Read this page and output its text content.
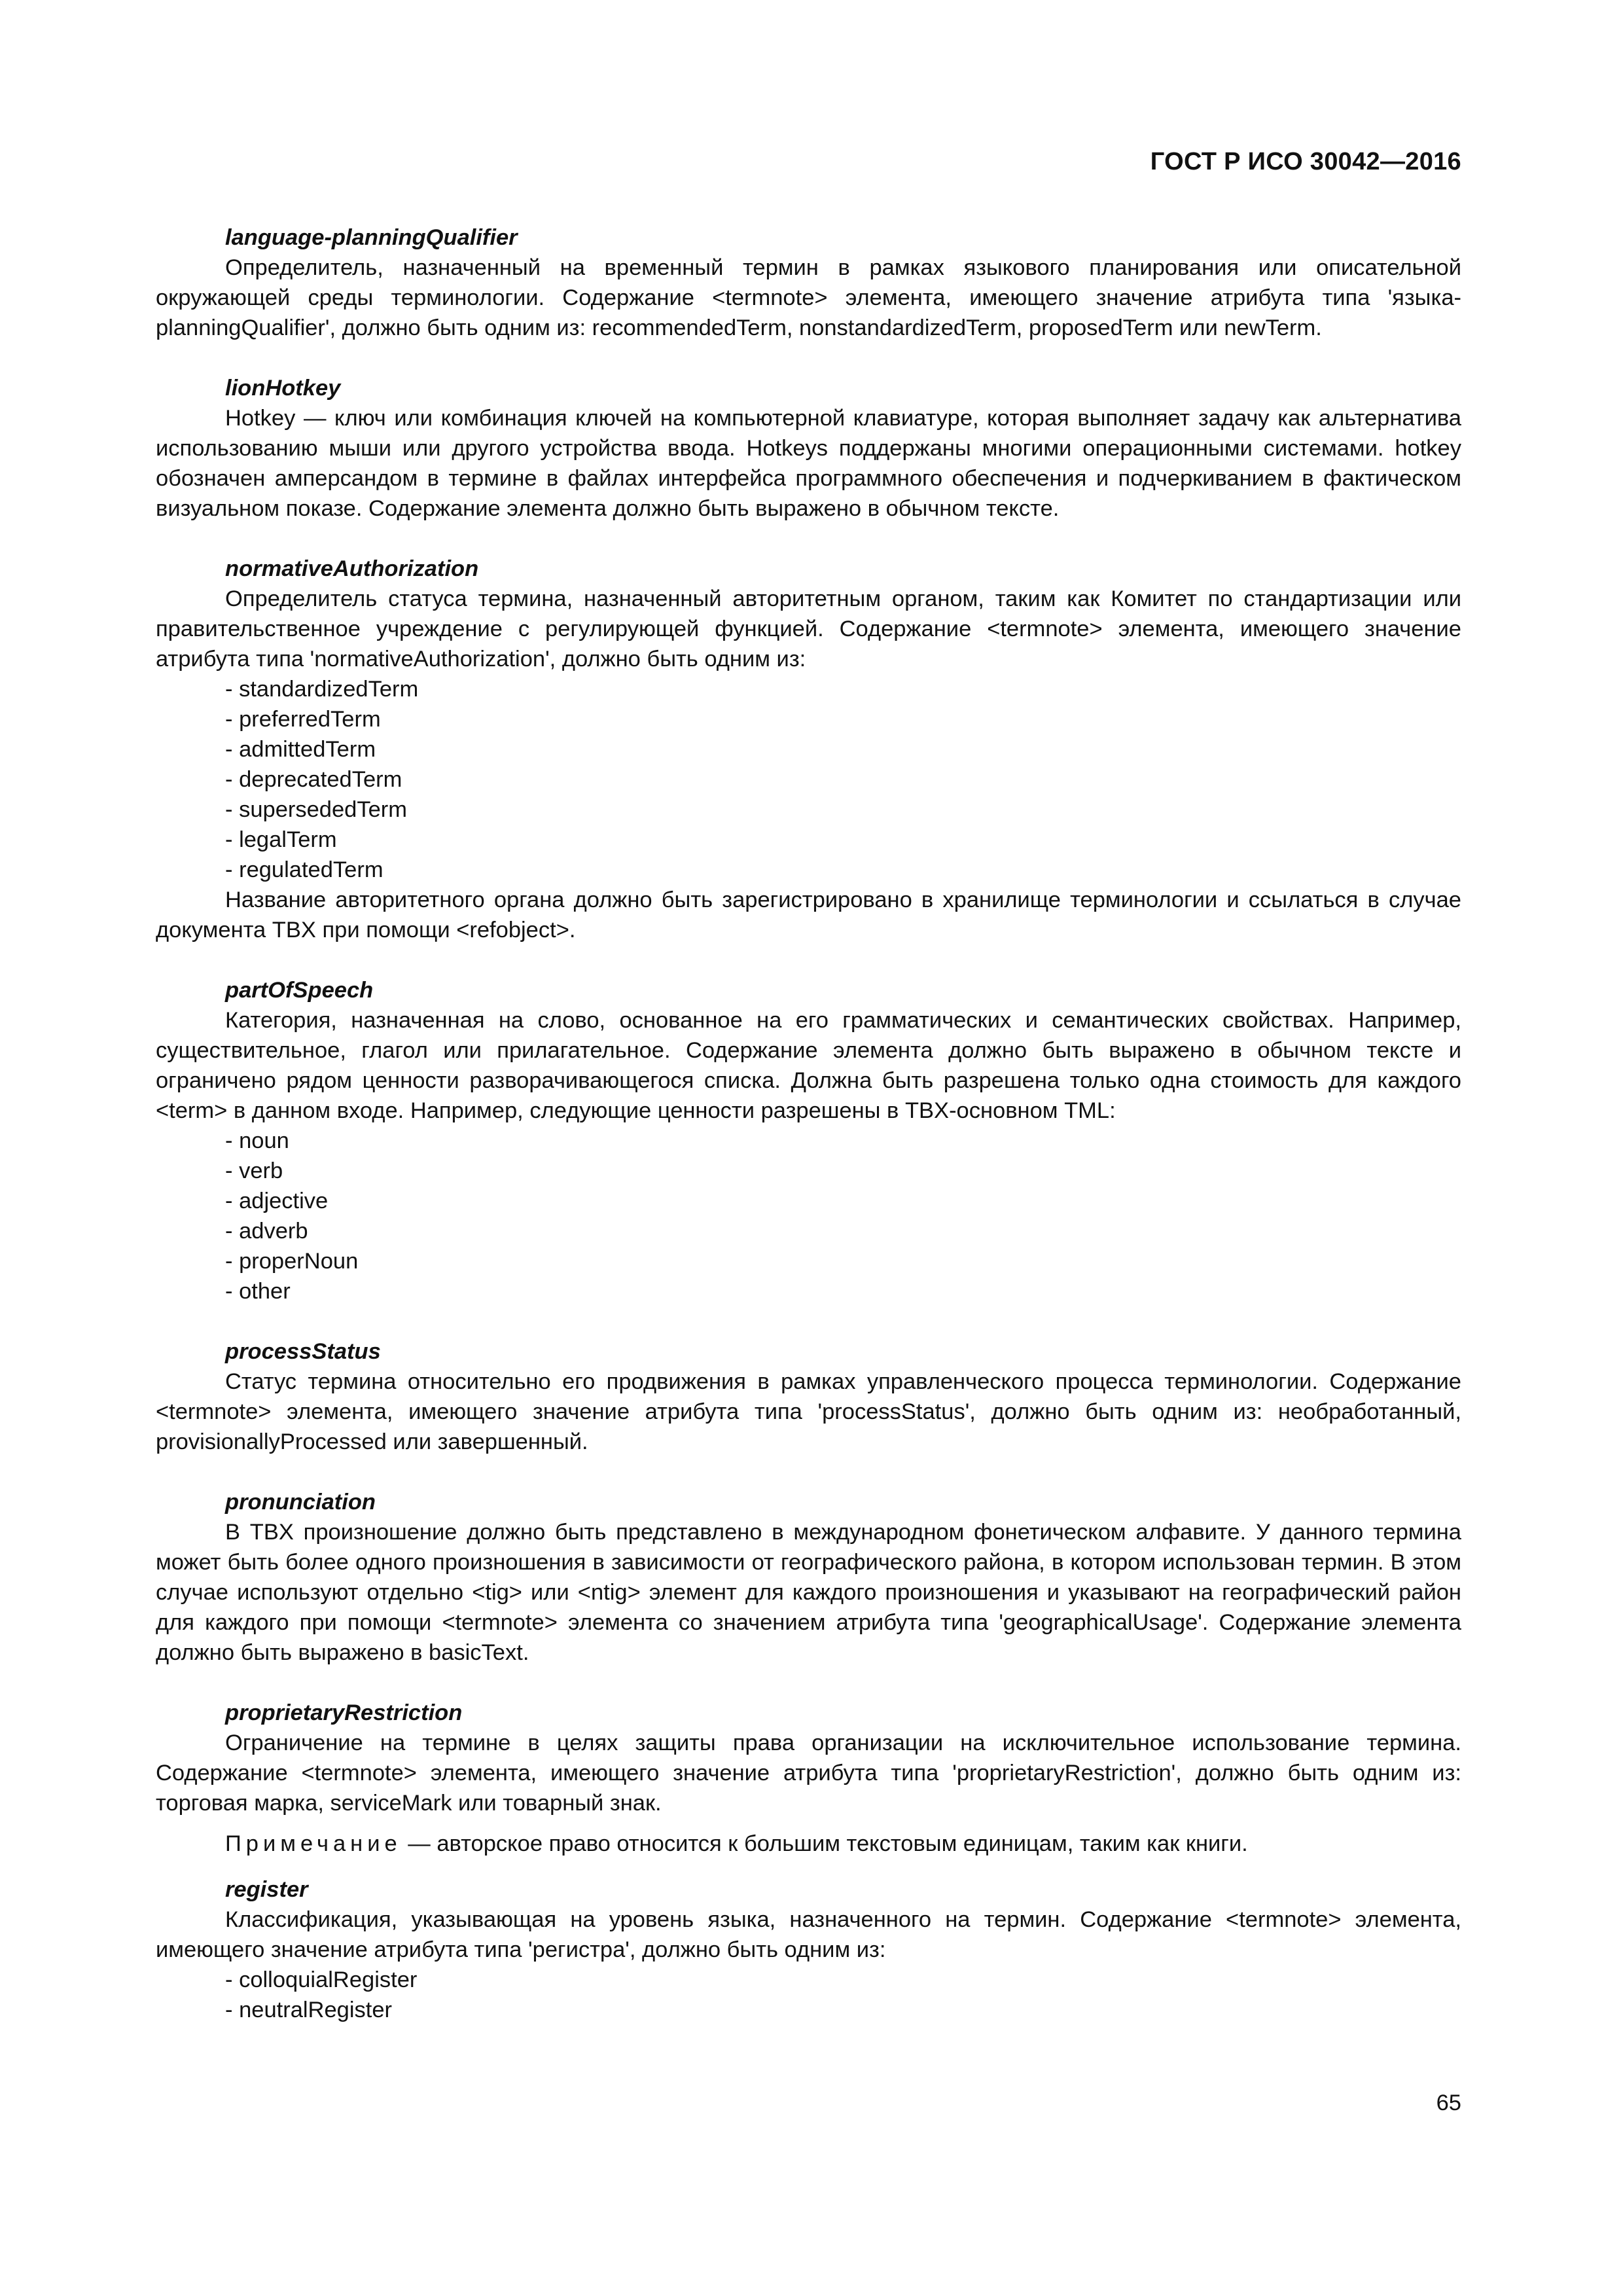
ГОСТ Р ИСО 30042—2016

language-planningQualifier

Определитель, назначенный на временный термин в рамках языкового планирования или описательной окружающей среды терминологии. Содержание <termnote> элемента, имеющего значение атрибута типа 'языка-planningQualifier', должно быть одним из: recommendedTerm, nonstandardizedTerm, proposedTerm или newTerm.

lionHotkey

Hotkey — ключ или комбинация ключей на компьютерной клавиатуре, которая выполняет задачу как альтернатива использованию мыши или другого устройства ввода. Hotkeys поддержаны многими операционными системами. hotkey обозначен амперсандом в термине в файлах интерфейса программного обеспечения и подчеркиванием в фактическом визуальном показе. Содержание элемента должно быть выражено в обычном тексте.

normativeAuthorization

Определитель статуса термина, назначенный авторитетным органом, таким как Комитет по стандартизации или правительственное учреждение с регулирующей функцией. Содержание <termnote> элемента, имеющего значение атрибута типа 'normativeAuthorization', должно быть одним из:

- standardizedTerm
- preferredTerm
- admittedTerm
- deprecatedTerm
- supersededTerm
- legalTerm
- regulatedTerm

Название авторитетного органа должно быть зарегистрировано в хранилище терминологии и ссылаться в случае документа TBX при помощи <refobject>.

partOfSpeech

Категория, назначенная на слово, основанное на его грамматических и семантических свойствах. Например, существительное, глагол или прилагательное. Содержание элемента должно быть выражено в обычном тексте и ограничено рядом ценности разворачивающегося списка. Должна быть разрешена только одна стоимость для каждого <term> в данном входе. Например, следующие ценности разрешены в TBX-основном TML:

- noun
- verb
- adjective
- adverb
- properNoun
- other

processStatus

Статус термина относительно его продвижения в рамках управленческого процесса терминологии. Содержание <termnote> элемента, имеющего значение атрибута типа 'processStatus', должно быть одним из: необработанный, provisionallyProcessed или завершенный.

pronunciation

В TBX произношение должно быть представлено в международном фонетическом алфавите. У данного термина может быть более одного произношения в зависимости от географического района, в котором использован термин. В этом случае используют отдельно <tig> или <ntig> элемент для каждого произношения и указывают на географический район для каждого при помощи <termnote> элемента со значением атрибута типа 'geographicalUsage'. Содержание элемента должно быть выражено в basicText.

proprietaryRestriction

Ограничение на термине в целях защиты права организации на исключительное использование термина. Содержание <termnote> элемента, имеющего значение атрибута типа 'proprietaryRestriction', должно быть одним из: торговая марка, serviceMark или товарный знак.

Примечание — авторское право относится к большим текстовым единицам, таким как книги.

register

Классификация, указывающая на уровень языка, назначенного на термин. Содержание <termnote> элемента, имеющего значение атрибута типа 'регистра', должно быть одним из:

- colloquialRegister
- neutralRegister
65
